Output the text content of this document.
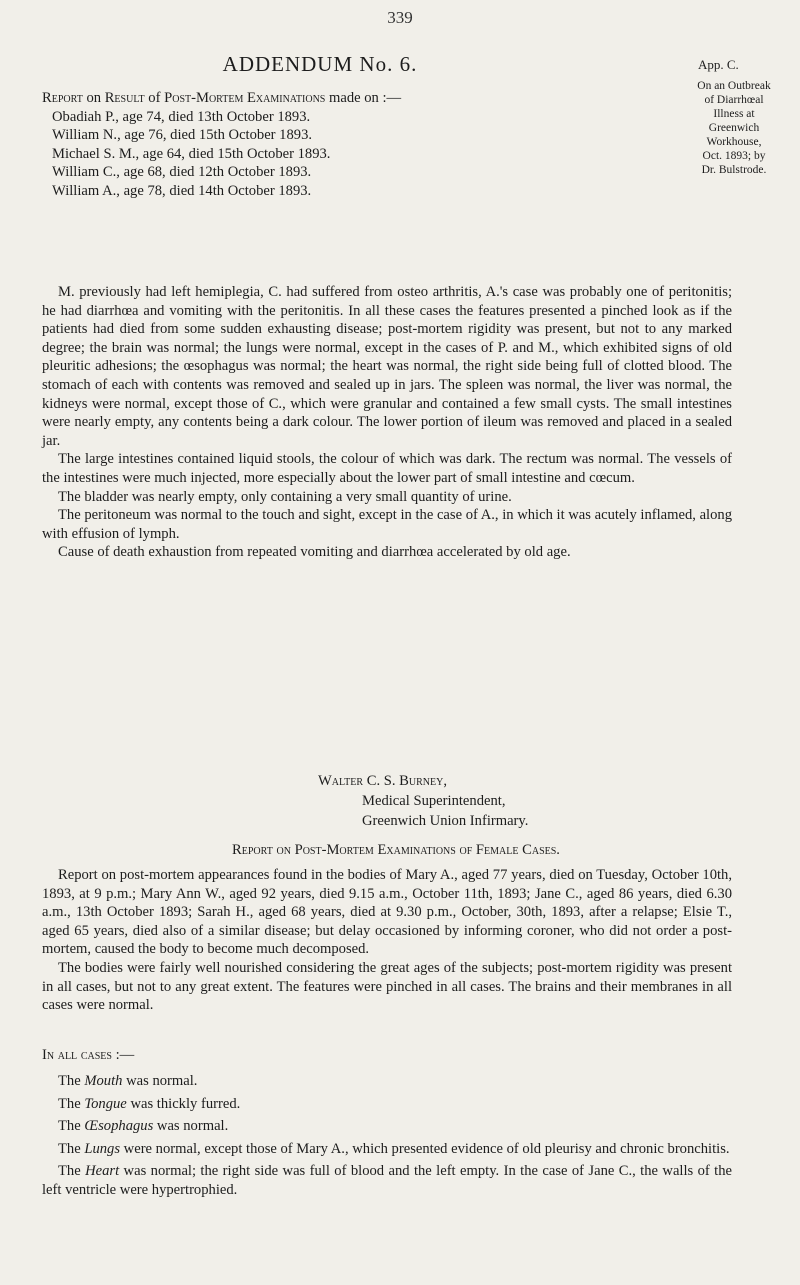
339
ADDENDUM No. 6.	App. C.
On an Outbreak
of Diarrhœal
Illness at
Greenwich
Workhouse,
Oct. 1893; by
Dr. Bulstrode.
Report on Result of Post-Mortem Examinations made on :—
Obadiah P., age 74, died 13th October 1893.
William N., age 76, died 15th October 1893.
Michael S. M., age 64, died 15th October 1893.
William C., age 68, died 12th October 1893.
William A., age 78, died 14th October 1893.

M. previously had left hemiplegia, C. had suffered from osteo arthritis, A.'s case was probably one of peritonitis; he had diarrhœa and vomiting with the peritonitis. In all these cases the features presented a pinched look as if the patients had died from some sudden exhausting disease; post-mortem rigidity was present, but not to any marked degree; the brain was normal; the lungs were normal, except in the cases of P. and M., which exhibited signs of old pleuritic adhesions; the œsophagus was normal; the heart was normal, the right side being full of clotted blood. The stomach of each with contents was removed and sealed up in jars. The spleen was normal, the liver was normal, the kidneys were normal, except those of C., which were granular and contained a few small cysts. The small intestines were nearly empty, any contents being a dark colour. The lower portion of ileum was removed and placed in a sealed jar.

The large intestines contained liquid stools, the colour of which was dark. The rectum was normal. The vessels of the intestines were much injected, more especially about the lower part of small intestine and cœcum.

The bladder was nearly empty, only containing a very small quantity of urine.

The peritoneum was normal to the touch and sight, except in the case of A., in which it was acutely inflamed, along with effusion of lymph.

Cause of death exhaustion from repeated vomiting and diarrhœa accelerated by old age.

Walter C. S. Burney,
Medical Superintendent,
Greenwich Union Infirmary.
Report on Post-Mortem Examinations of Female Cases.

Report on post-mortem appearances found in the bodies of Mary A., aged 77 years, died on Tuesday, October 10th, 1893, at 9 p.m.; Mary Ann W., aged 92 years, died 9.15 a.m., October 11th, 1893; Jane C., aged 86 years, died 6.30 a.m., 13th October 1893; Sarah H., aged 68 years, died at 9.30 p.m., October, 30th, 1893, after a relapse; Elsie T., aged 65 years, died also of a similar disease; but delay occasioned by informing coroner, who did not order a post-mortem, caused the body to become much decomposed.

The bodies were fairly well nourished considering the great ages of the subjects; post-mortem rigidity was present in all cases, but not to any great extent. The features were pinched in all cases. The brains and their membranes in all cases were normal.

In all cases :—

The Mouth was normal.

The Tongue was thickly furred.

The Œsophagus was normal.

The Lungs were normal, except those of Mary A., which presented evidence of old pleurisy and chronic bronchitis.

The Heart was normal; the right side was full of blood and the left empty. In the case of Jane C., the walls of the left ventricle were hypertrophied.
